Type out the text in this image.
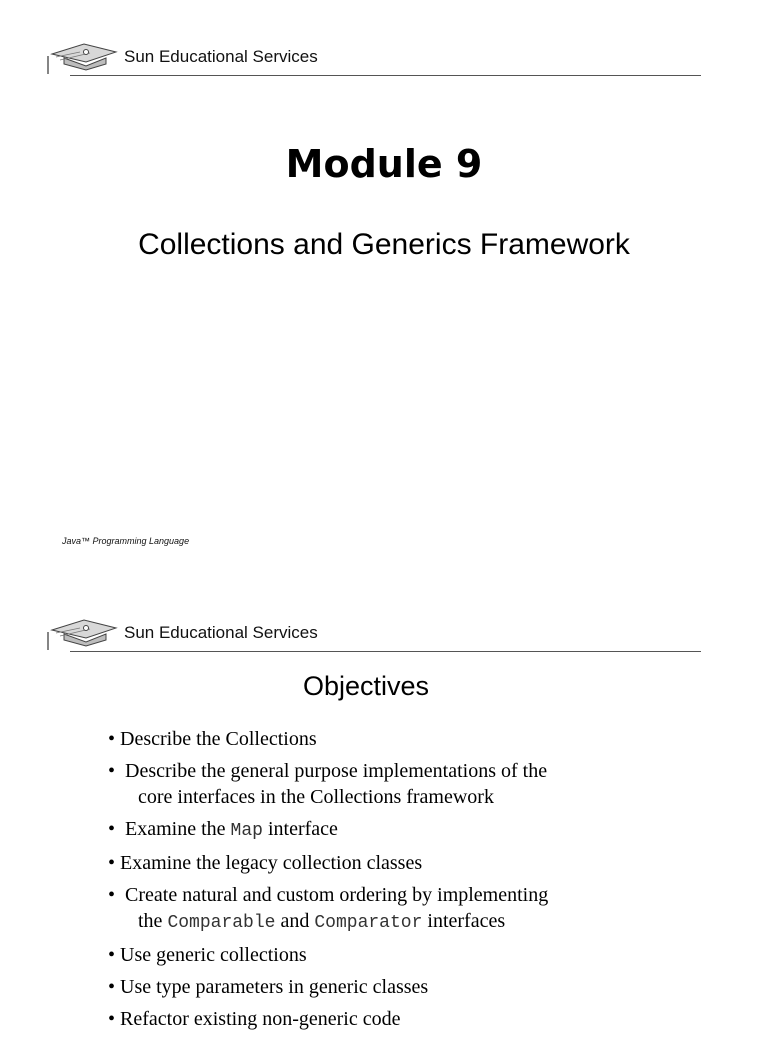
Sun Educational Services
Module 9
Collections and Generics Framework
Java™ Programming Language
Sun Educational Services
Objectives
• Describe the Collections
• Describe the general purpose implementations of the
core interfaces in the Collections framework
• Examine the Map interface
• Examine the legacy collection classes
• Create natural and custom ordering by implementing
the Comparable and Comparator interfaces
• Use generic collections
• Use type parameters in generic classes
• Refactor existing non-generic code
